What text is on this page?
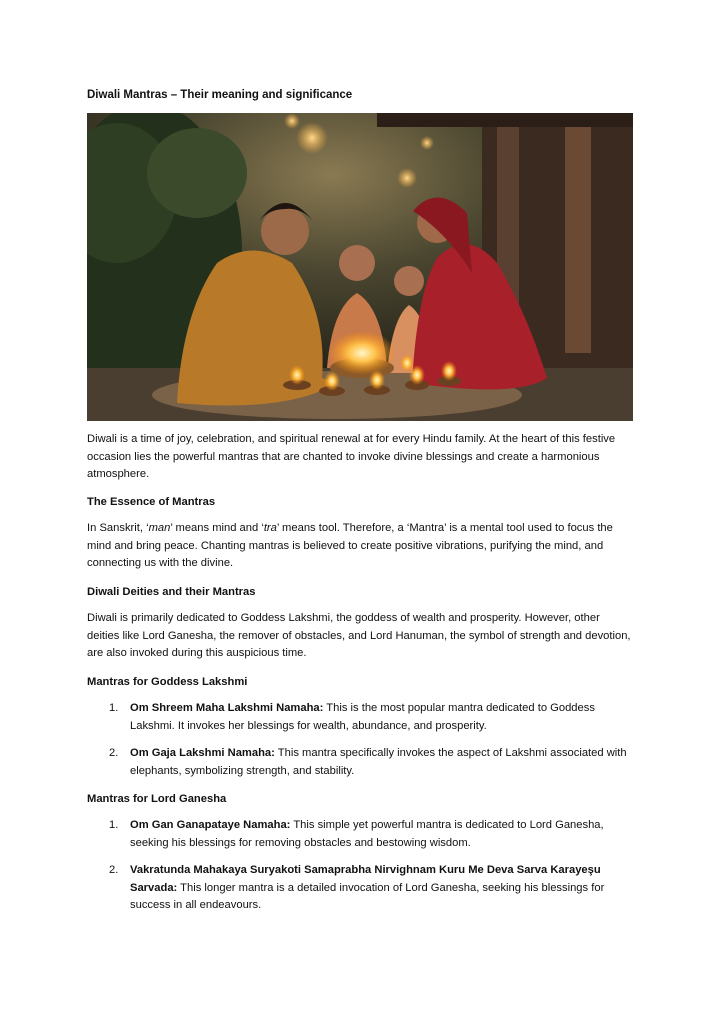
Diwali Mantras – Their meaning and significance

Diwali is a time of joy, celebration, and spiritual renewal at for every Hindu family. At the heart of this festive occasion lies the powerful mantras that are chanted to invoke divine blessings and create a harmonious atmosphere.

The Essence of Mantras

In Sanskrit, ‘man’ means mind and ‘tra’ means tool. Therefore, a ‘Mantra’ is a mental tool used to focus the mind and bring peace. Chanting mantras is believed to create positive vibrations, purifying the mind, and connecting us with the divine.

Diwali Deities and their Mantras

Diwali is primarily dedicated to Goddess Lakshmi, the goddess of wealth and prosperity. However, other deities like Lord Ganesha, the remover of obstacles, and Lord Hanuman, the symbol of strength and devotion, are also invoked during this auspicious time.

Mantras for Goddess Lakshmi
1. Om Shreem Maha Lakshmi Namaha: This is the most popular mantra dedicated to Goddess Lakshmi. It invokes her blessings for wealth, abundance, and prosperity.

2. Om Gaja Lakshmi Namaha: This mantra specifically invokes the aspect of Lakshmi associated with elephants, symbolizing strength, and stability.

Mantras for Lord Ganesha
1. Om Gan Ganapataye Namaha: This simple yet powerful mantra is dedicated to Lord Ganesha, seeking his blessings for removing obstacles and bestowing wisdom.

2. Vakratunda Mahakaya Suryakoti Samaprabha Nirvighnam Kuru Me Deva Sarva Karayeşu Sarvada: This longer mantra is a detailed invocation of Lord Ganesha, seeking his blessings for success in all endeavours.
